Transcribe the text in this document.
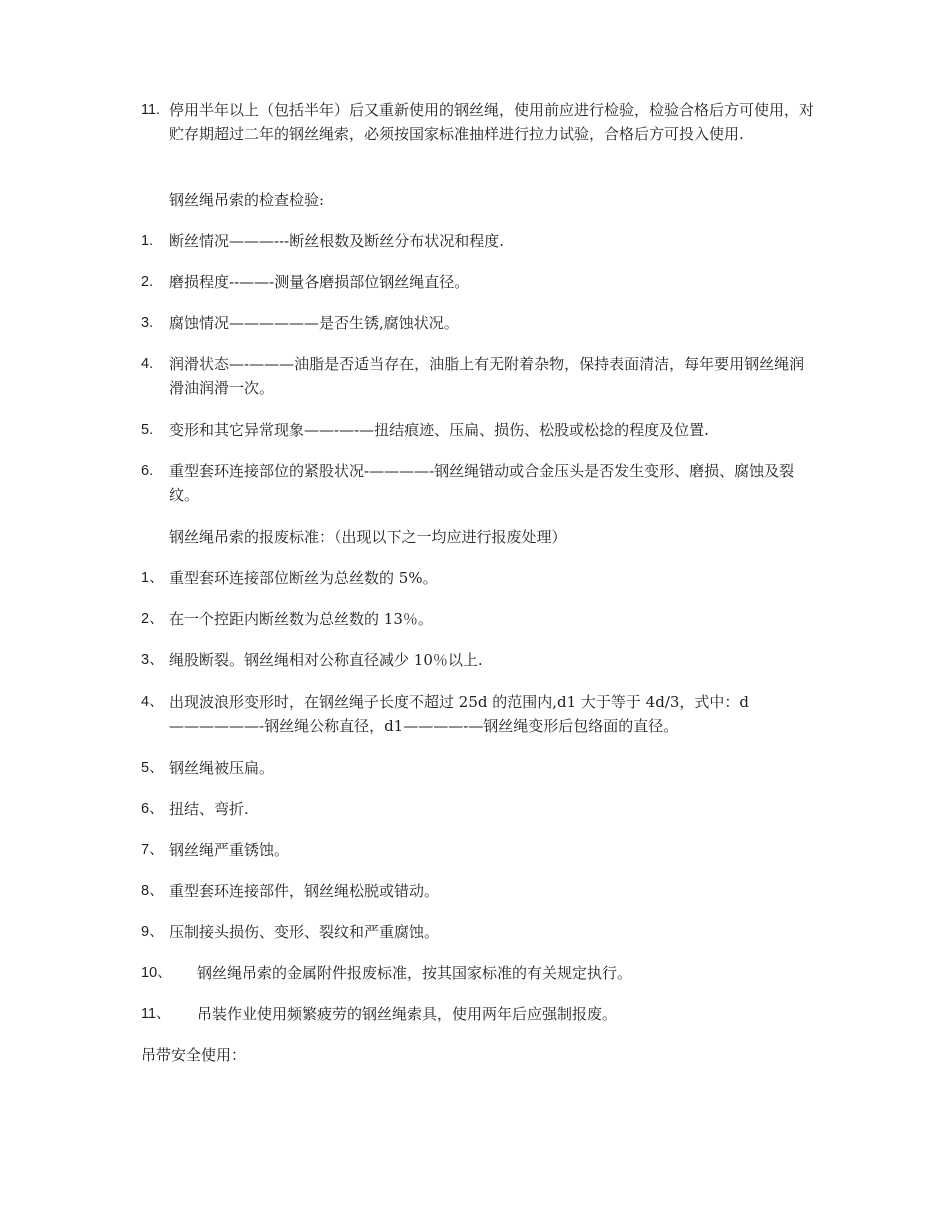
11. 停用半年以上（包括半年）后又重新使用的钢丝绳，使用前应进行检验，检验合格后方可使用，对贮存期超过二年的钢丝绳索，必须按国家标准抽样进行拉力试验，合格后方可投入使用.
钢丝绳吊索的检查检验:
1.	断丝情况———---断丝根数及断丝分布状况和程度.
2.	磨损程度--——-测量各磨损部位钢丝绳直径。
3.	腐蚀情况——————是否生锈,腐蚀状况。
4.	润滑状态—-———油脂是否适当存在，油脂上有无附着杂物，保持表面清洁，每年要用钢丝绳润滑油润滑一次。
5.	变形和其它异常现象——-—-—扭结痕迹、压扁、损伤、松股或松捻的程度及位置.
6.	重型套环连接部位的紧股状况-————-钢丝绳错动或合金压头是否发生变形、磨损、腐蚀及裂纹。
钢丝绳吊索的报废标准：（出现以下之一均应进行报废处理）
1、 重型套环连接部位断丝为总丝数的 5%。
2、 在一个控距内断丝数为总丝数的 13％。
3、 绳股断裂。钢丝绳相对公称直径减少 10％以上.
4、 出现波浪形变形时，在钢丝绳子长度不超过 25d 的范围内,d1 大于等于 4d/3，式中：d——————-钢丝绳公称直径，d1————-—钢丝绳变形后包络面的直径。
5、 钢丝绳被压扁。
6、 扭结、弯折.
7、 钢丝绳严重锈蚀。
8、 重型套环连接部件，钢丝绳松脱或错动。
9、 压制接头损伤、变形、裂纹和严重腐蚀。
10、	钢丝绳吊索的金属附件报废标准，按其国家标准的有关规定执行。
11、	吊装作业使用频繁疲劳的钢丝绳索具，使用两年后应强制报废。
吊带安全使用：
